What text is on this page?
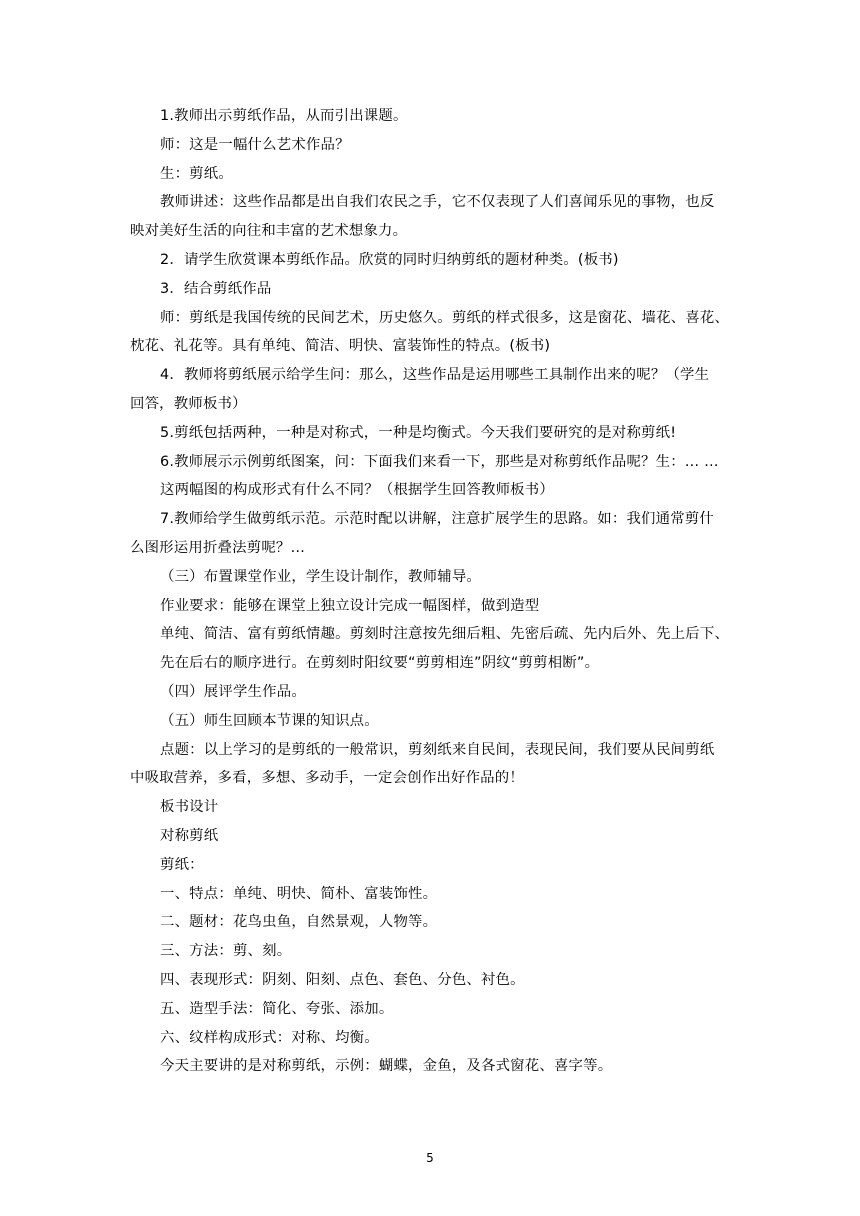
1.教师出示剪纸作品，从而引出课题。
师：这是一幅什么艺术作品？
生：剪纸。
教师讲述：这些作品都是出自我们农民之手，它不仅表现了人们喜闻乐见的事物，也反
映对美好生活的向往和丰富的艺术想象力。
2．请学生欣赏课本剪纸作品。欣赏的同时归纳剪纸的题材种类。(板书)
3．结合剪纸作品
师：剪纸是我国传统的民间艺术，历史悠久。剪纸的样式很多，这是窗花、墙花、喜花、
枕花、礼花等。具有单纯、简洁、明快、富装饰性的特点。(板书)
4．教师将剪纸展示给学生问：那么，这些作品是运用哪些工具制作出来的呢？（学生
回答，教师板书）
5.剪纸包括两种，一种是对称式，一种是均衡式。今天我们要研究的是对称剪纸!
6.教师展示示例剪纸图案，问：下面我们来看一下，那些是对称剪纸作品呢？生：… …
这两幅图的构成形式有什么不同？（根据学生回答教师板书）
7.教师给学生做剪纸示范。示范时配以讲解，注意扩展学生的思路。如：我们通常剪什
么图形运用折叠法剪呢？…
（三）布置课堂作业，学生设计制作，教师辅导。
作业要求：能够在课堂上独立设计完成一幅图样，做到造型
单纯、简洁、富有剪纸情趣。剪刻时注意按先细后粗、先密后疏、先内后外、先上后下、
先在后右的顺序进行。在剪刻时阳纹要“剪剪相连”阴纹“剪剪相断”。
（四）展评学生作品。
（五）师生回顾本节课的知识点。
点题：以上学习的是剪纸的一般常识，剪刻纸来自民间，表现民间，我们要从民间剪纸
中吸取营养，多看，多想、多动手，一定会创作出好作品的！
板书设计
对称剪纸
剪纸：
一、特点：单纯、明快、简朴、富装饰性。
二、题材：花鸟虫鱼，自然景观，人物等。
三、方法：剪、刻。
四、表现形式：阴刻、阳刻、点色、套色、分色、衬色。
五、造型手法：简化、夸张、添加。
六、纹样构成形式：对称、均衡。
今天主要讲的是对称剪纸，示例：蝴蝶，金鱼，及各式窗花、喜字等。
5
